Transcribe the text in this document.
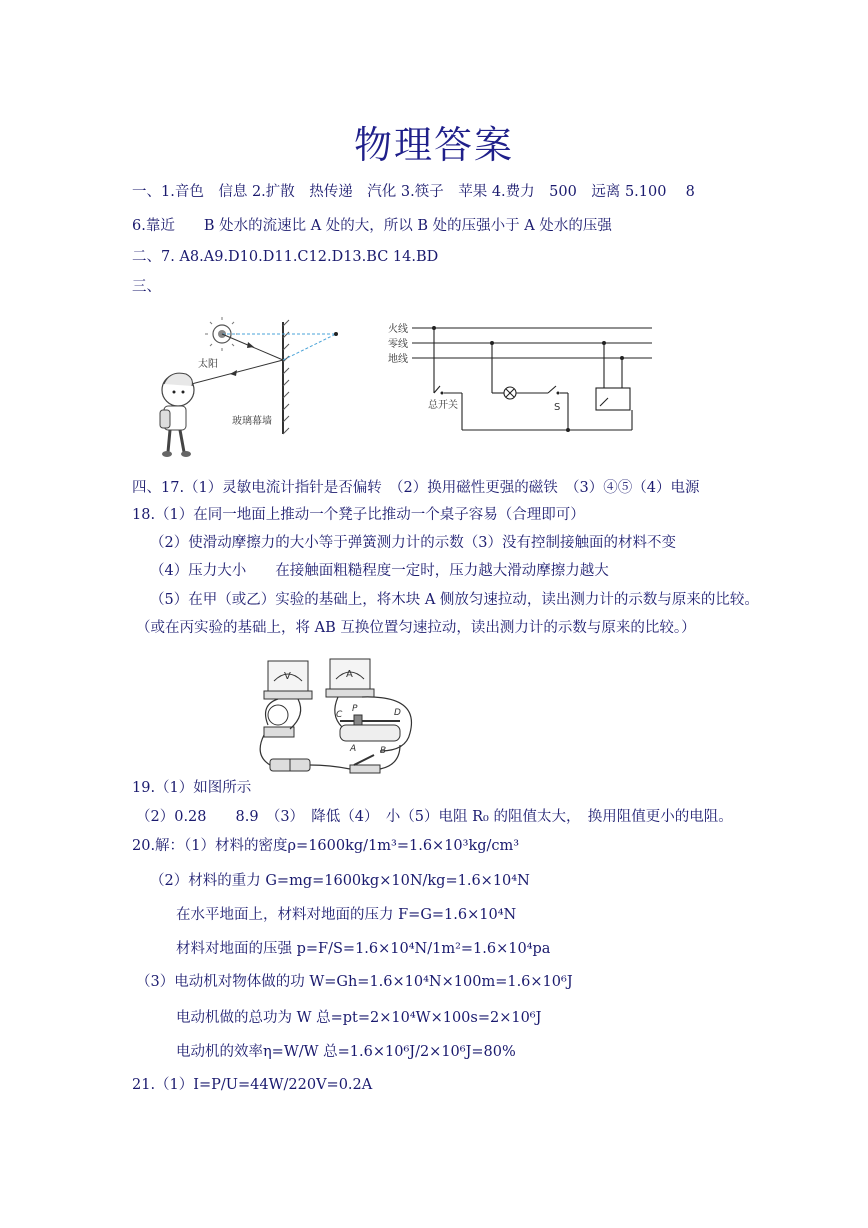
物理答案
一、1.音色　信息 2.扩散　热传递　汽化 3.筷子　苹果 4.费力　500　远离 5.100　 8
6.靠近　　B 处水的流速比 A 处的大，所以 B 处的压强小于 A 处水的压强
二、7. A8.A9.D10.D11.C12.D13.BC 14.BD
三、
太阳
玻璃幕墙
火线
零线
地线
总开关	S
四、17.（1）灵敏电流计指针是否偏转　（2）换用磁性更强的磁铁　（3）④⑤（4）电源
18.（1）在同一地面上推动一个凳子比推动一个桌子容易（合理即可）
（2）使滑动摩擦力的大小等于弹簧测力计的示数（3）没有控制接触面的材料不变
（4）压力大小　　在接触面粗糙程度一定时，压力越大滑动摩擦力越大
（5）在甲（或乙）实验的基础上，将木块 A 侧放匀速拉动，读出测力计的示数与原来的比较。
（或在丙实验的基础上，将 AB 互换位置匀速拉动，读出测力计的示数与原来的比较。）
V	A
C
P	D
A	B
19.（1）如图所示
（2）0.28　　8.9　（3）　降低（4）　小（5）电阻 R₀ 的阻值太大，　换用阻值更小的电阻。
20.解：（1）材料的密度ρ=1600kg/1m³=1.6×10³kg/cm³
（2）材料的重力 G=mg=1600kg×10N/kg=1.6×10⁴N
在水平地面上，材料对地面的压力 F=G=1.6×10⁴N
材料对地面的压强 p=F/S=1.6×10⁴N/1m²=1.6×10⁴pa
（3）电动机对物体做的功 W=Gh=1.6×10⁴N×100m=1.6×10⁶J
电动机做的总功为 W 总=pt=2×10⁴W×100s=2×10⁶J
电动机的效率η=W/W 总=1.6×10⁶J/2×10⁶J=80%
21.（1）I=P/U=44W/220V=0.2A
